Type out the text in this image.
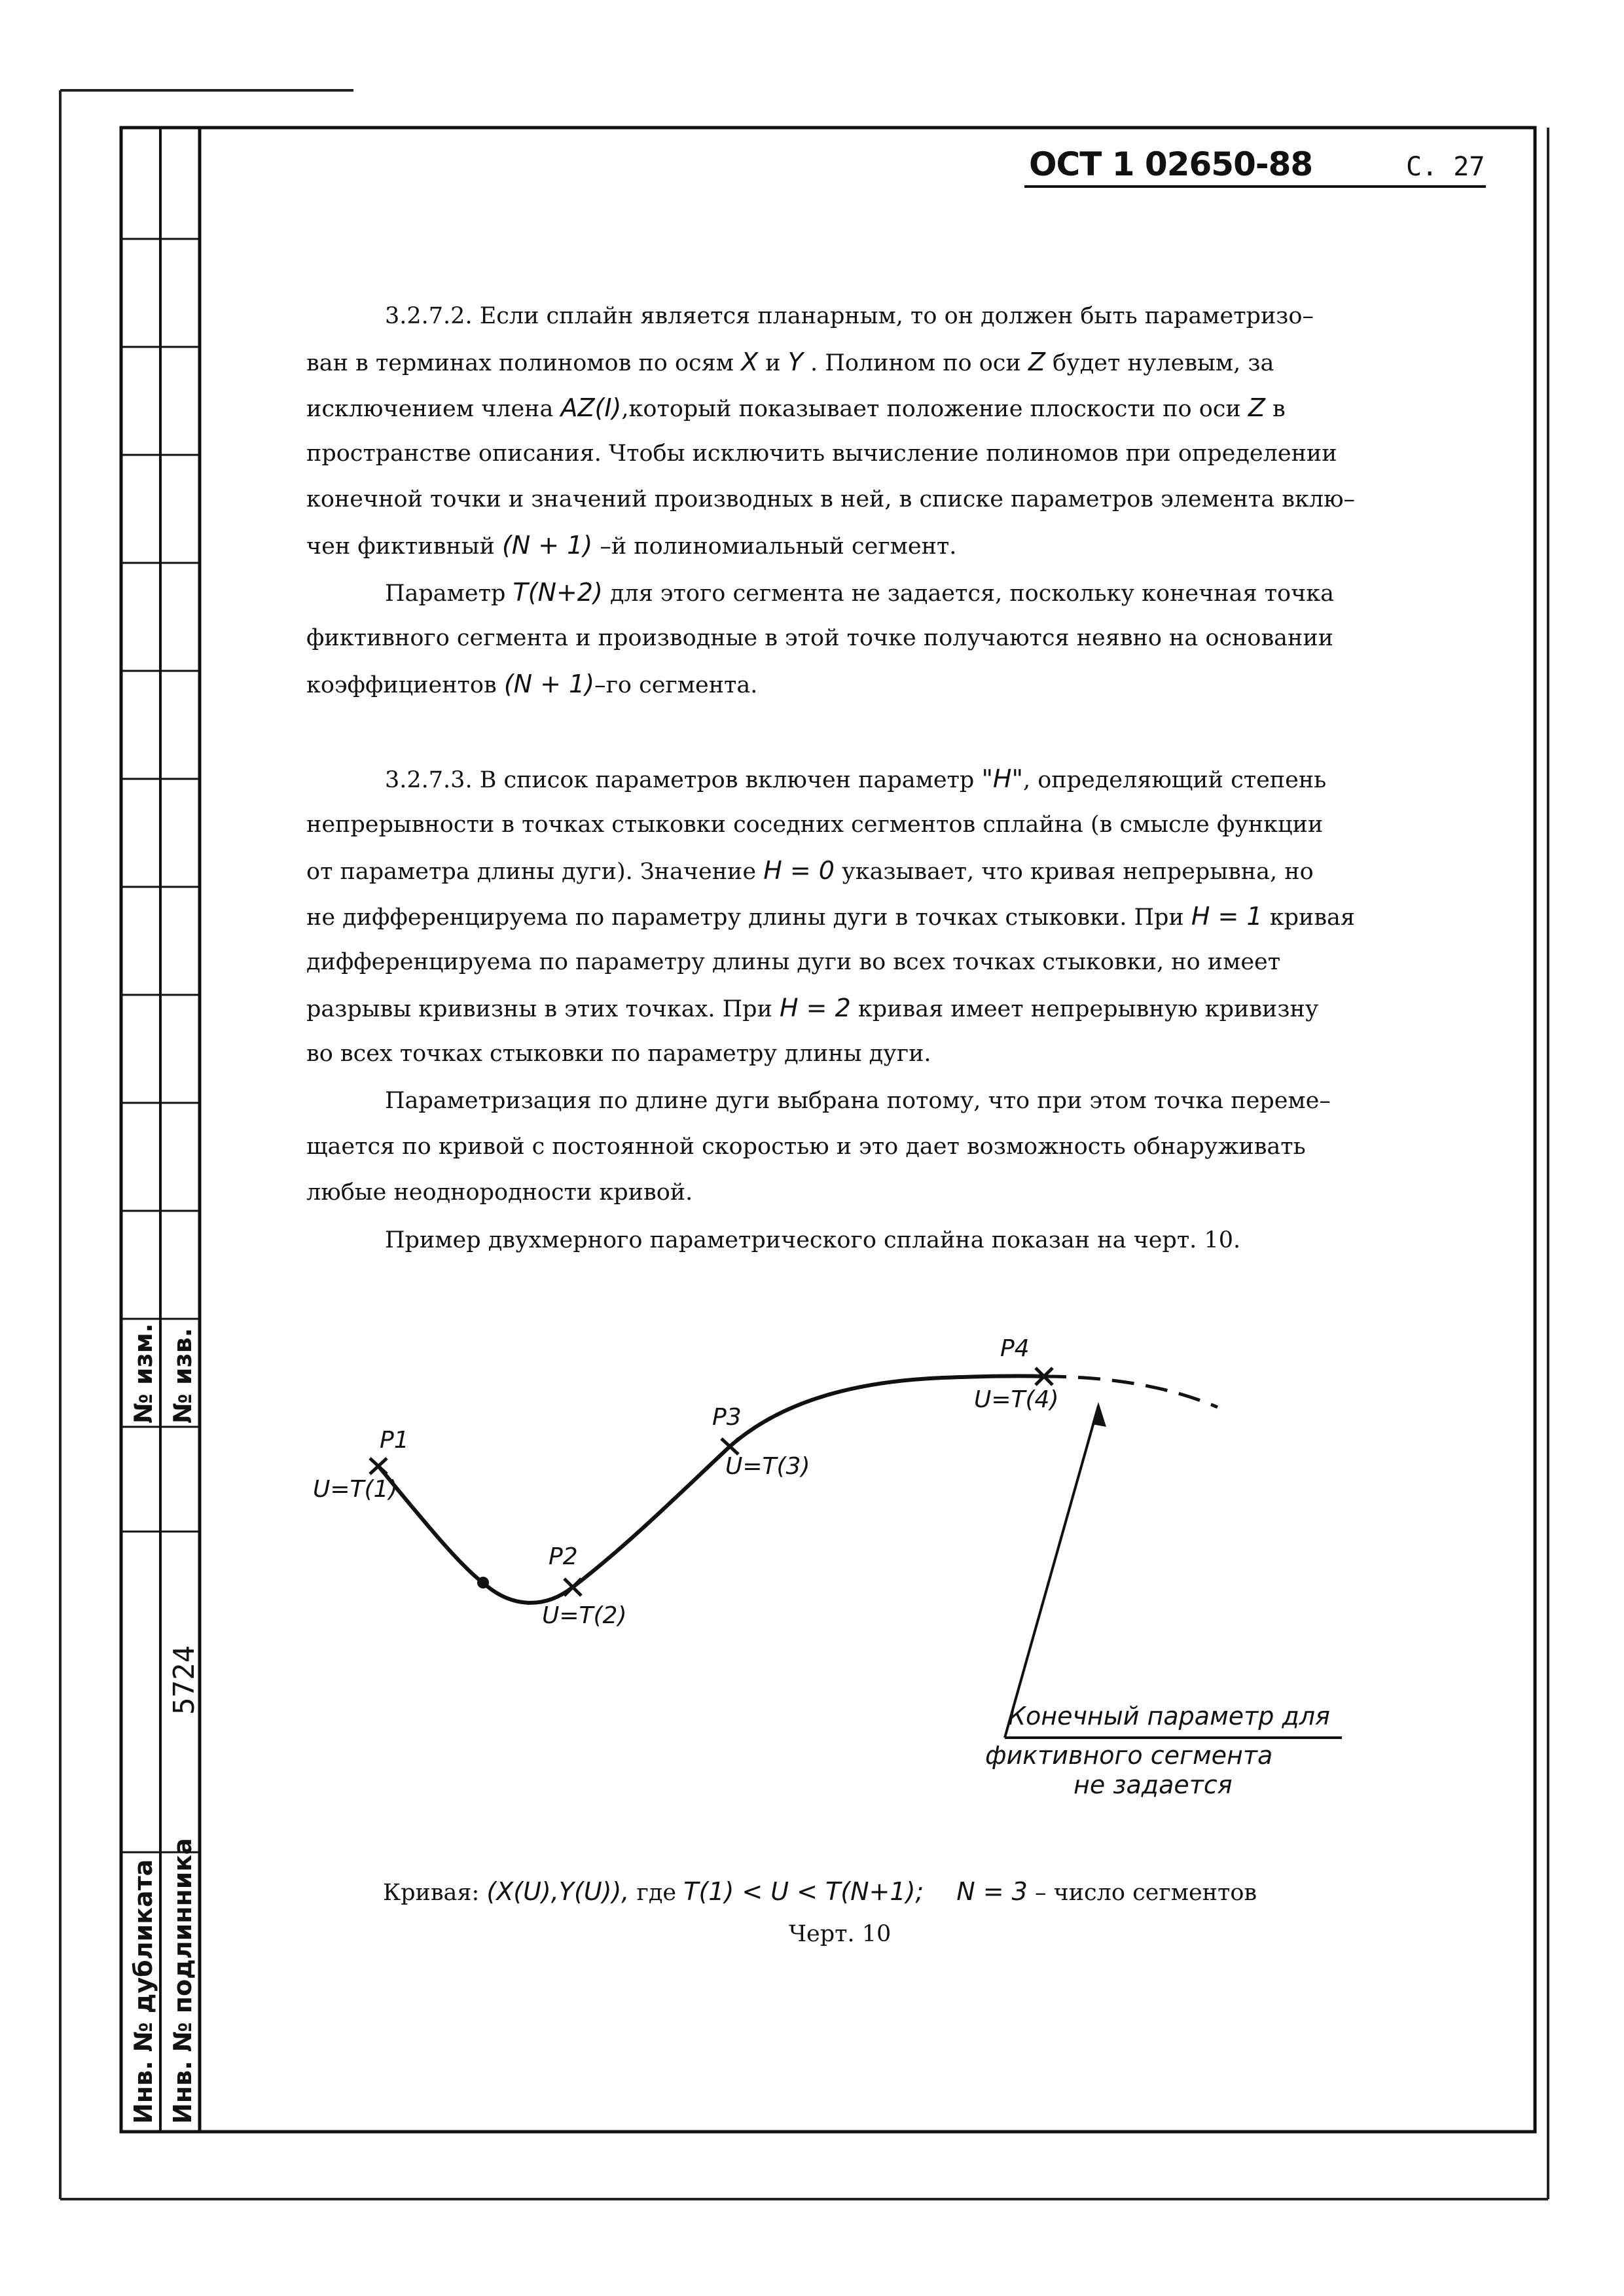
ОСТ 1 02650-88	С. 27
№ изм. № изв.
5724
Инв. № дубликата Инв. № подлинника

3.2.7.2. Если сплайн является планарным, то он должен быть параметризо–

ван в терминах полиномов по осям X и Y . Полином по оси Z будет нулевым, за

исключением члена AZ(I),который показывает положение плоскости по оси Z в

пространстве описания. Чтобы исключить вычисление полиномов при определении

конечной точки и значений производных в ней, в списке параметров элемента вклю–

чен фиктивный (N + 1) –й полиномиальный сегмент.

Параметр T(N+2) для этого сегмента не задается, поскольку конечная точка

фиктивного сегмента и производные в этой точке получаются неявно на основании

коэффициентов (N + 1)–го сегмента.

3.2.7.3. В список параметров включен параметр "H", определяющий степень

непрерывности в точках стыковки соседних сегментов сплайна (в смысле функции

от параметра длины дуги). Значение H = 0 указывает, что кривая непрерывна, но

не дифференцируема по параметру длины дуги в точках стыковки. При H = 1 кривая

дифференцируема по параметру длины дуги во всех точках стыковки, но имеет

разрывы кривизны в этих точках. При H = 2 кривая имеет непрерывную кривизну

во всех точках стыковки по параметру длины дуги.

Параметризация по длине дуги выбрана потому, что при этом точка переме–

щается по кривой с постоянной скоростью и это дает возможность обнаруживать

любые неоднородности кривой.

Пример двухмерного параметрического сплайна показан на черт. 10.

P1
U=T(1)
P2
U=T(2)
P3
U=T(3)
P4
U=T(4)
Конечный параметр для
фиктивного сегмента
не задается
Кривая: (X(U),Y(U)), где T(1) < U < T(N+1); N = 3 – число сегментов
Черт. 10
